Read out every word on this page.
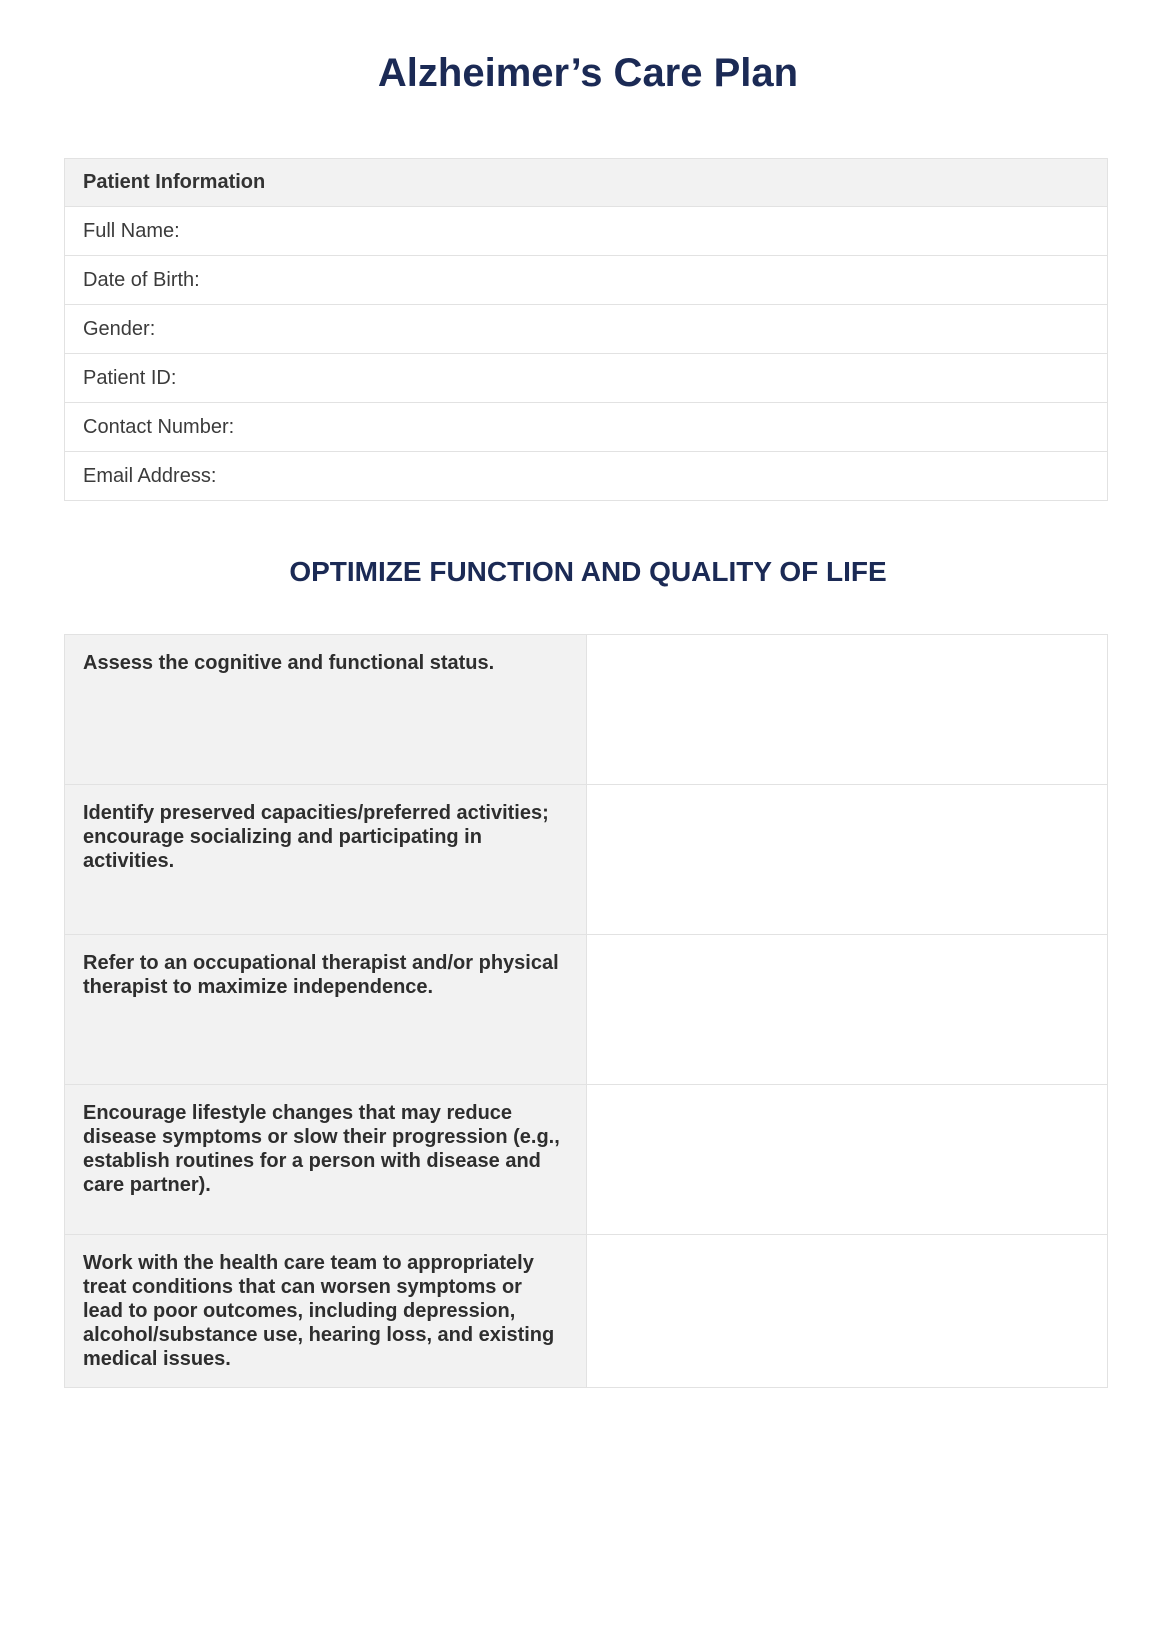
Alzheimer’s Care Plan
Patient Information
Full Name:
Date of Birth:
Gender:
Patient ID:
Contact Number:
Email Address:
OPTIMIZE FUNCTION AND QUALITY OF LIFE
Assess the cognitive and functional status.	
Identify preserved capacities/preferred activities; encourage socializing and participating in activities.	
Refer to an occupational therapist and/or physical therapist to maximize independence.	
Encourage lifestyle changes that may reduce disease symptoms or slow their progression (e.g., establish routines for a person with disease and care partner).	
Work with the health care team to appropriately treat conditions that can worsen symptoms or lead to poor outcomes, including depression, alcohol/substance use, hearing loss, and existing medical issues.	
